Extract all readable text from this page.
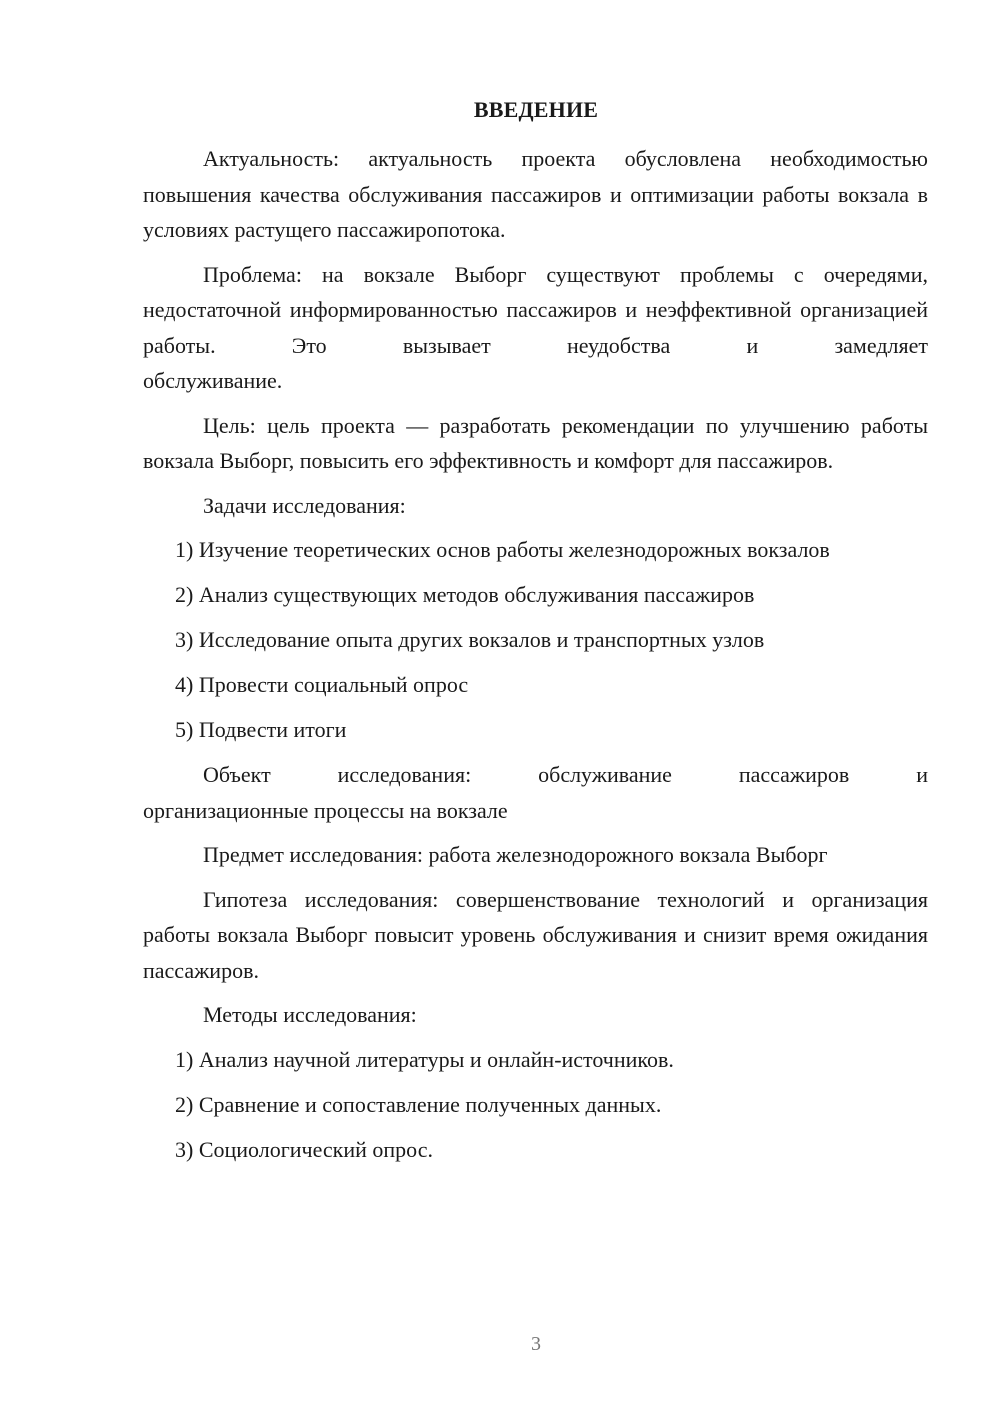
ВВЕДЕНИЕ

Актуальность: актуальность проекта обусловлена необходимостью повышения качества обслуживания пассажиров и оптимизации работы вокзала в условиях растущего пассажиропотока.

Проблема: на вокзале Выборг существуют проблемы с очередями, недостаточной информированностью пассажиров и неэффективной организацией работы. Это вызывает неудобства и замедляет

обслуживание.

Цель: цель проекта — разработать рекомендации по улучшению работы вокзала Выборг, повысить его эффективность и комфорт для пассажиров.

Задачи исследования:

1) Изучение теоретических основ работы железнодорожных вокзалов
2) Анализ существующих методов обслуживания пассажиров
3) Исследование опыта других вокзалов и транспортных узлов
4) Провести социальный опрос
5) Подвести итоги

Объект исследования: обслуживание пассажиров и

организационные процессы на вокзале

Предмет исследования: работа железнодорожного вокзала Выборг

Гипотеза исследования: совершенствование технологий и организация работы вокзала Выборг повысит уровень обслуживания и снизит время ожидания пассажиров.

Методы исследования:

1) Анализ научной литературы и онлайн-источников.
2) Сравнение и сопоставление полученных данных.
3) Социологический опрос.
3
